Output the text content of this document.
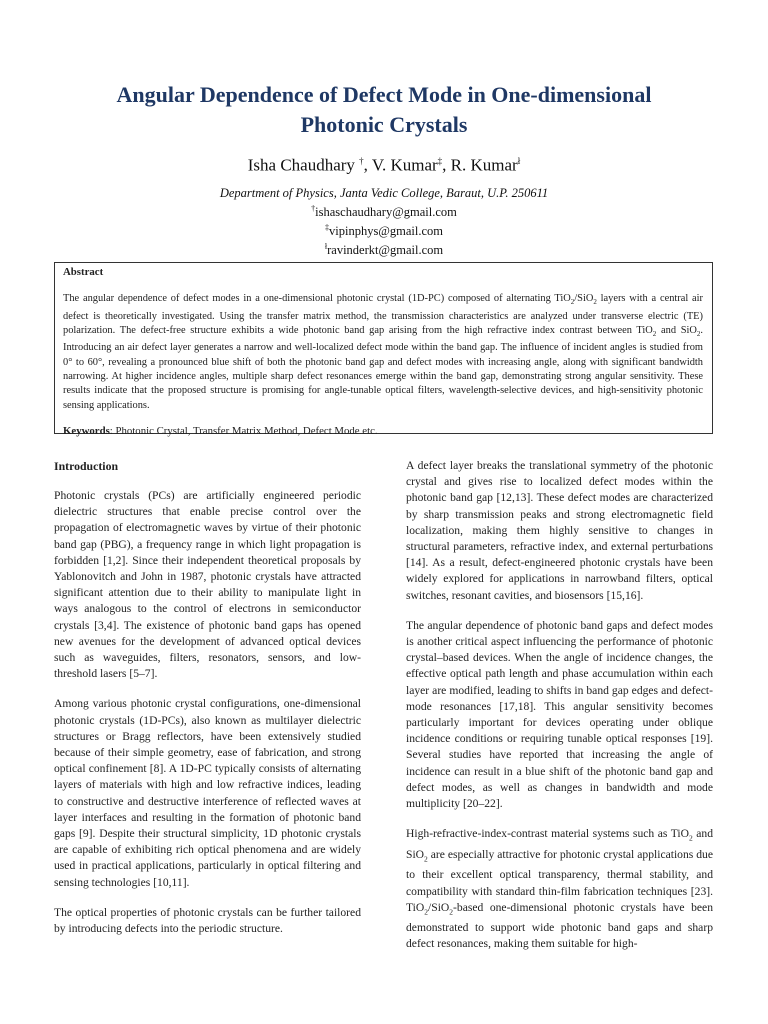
Angular Dependence of Defect Mode in One-dimensional
Photonic Crystals
Isha Chaudhary †, V. Kumar‡, R. Kumar$^ł$
Department of Physics, Janta Vedic College, Baraut, U.P. 250611
†ishaschaudhary@gmail.com
‡vipinphys@gmail.com
$^ł$ravinderkt@gmail.com
Abstract

The angular dependence of defect modes in a one-dimensional photonic crystal (1D-PC) composed of alternating TiO$_2$/SiO$_2$ layers with a central air defect is theoretically investigated. Using the transfer matrix method, the transmission characteristics are analyzed under transverse electric (TE) polarization. The defect-free structure exhibits a wide photonic band gap arising from the high refractive index contrast between TiO$_2$ and SiO$_2$. Introducing an air defect layer generates a narrow and well-localized defect mode within the band gap. The influence of incident angles is studied from 0° to 60°, revealing a pronounced blue shift of both the photonic band gap and defect modes with increasing angle, along with significant bandwidth narrowing. At higher incidence angles, multiple sharp defect resonances emerge within the band gap, demonstrating strong angular sensitivity. These results indicate that the proposed structure is promising for angle-tunable optical filters, wavelength-selective devices, and high-sensitivity photonic sensing applications.

Keywords: Photonic Crystal, Transfer Matrix Method, Defect Mode etc.
Introduction

Photonic crystals (PCs) are artificially engineered periodic dielectric structures that enable precise control over the propagation of electromagnetic waves by virtue of their photonic band gap (PBG), a frequency range in which light propagation is forbidden [1,2]. Since their independent theoretical proposals by Yablonovitch and John in 1987, photonic crystals have attracted significant attention due to their ability to manipulate light in ways analogous to the control of electrons in semiconductor crystals [3,4]. The existence of photonic band gaps has opened new avenues for the development of advanced optical devices such as waveguides, filters, resonators, sensors, and low-threshold lasers [5–7].

Among various photonic crystal configurations, one-dimensional photonic crystals (1D-PCs), also known as multilayer dielectric structures or Bragg reflectors, have been extensively studied because of their simple geometry, ease of fabrication, and strong optical confinement [8]. A 1D-PC typically consists of alternating layers of materials with high and low refractive indices, leading to constructive and destructive interference of reflected waves at layer interfaces and resulting in the formation of photonic band gaps [9]. Despite their structural simplicity, 1D photonic crystals are capable of exhibiting rich optical phenomena and are widely used in practical applications, particularly in optical filtering and sensing technologies [10,11].

The optical properties of photonic crystals can be further tailored by introducing defects into the periodic structure.

A defect layer breaks the translational symmetry of the photonic crystal and gives rise to localized defect modes within the photonic band gap [12,13]. These defect modes are characterized by sharp transmission peaks and strong electromagnetic field localization, making them highly sensitive to changes in structural parameters, refractive index, and external perturbations [14]. As a result, defect-engineered photonic crystals have been widely explored for applications in narrowband filters, optical switches, resonant cavities, and biosensors [15,16].

The angular dependence of photonic band gaps and defect modes is another critical aspect influencing the performance of photonic crystal–based devices. When the angle of incidence changes, the effective optical path length and phase accumulation within each layer are modified, leading to shifts in band gap edges and defect-mode resonances [17,18]. This angular sensitivity becomes particularly important for devices operating under oblique incidence conditions or requiring tunable optical responses [19]. Several studies have reported that increasing the angle of incidence can result in a blue shift of the photonic band gap and defect modes, as well as changes in bandwidth and mode multiplicity [20–22].

High-refractive-index-contrast material systems such as TiO$_2$ and SiO$_2$ are especially attractive for photonic crystal applications due to their excellent optical transparency, thermal stability, and compatibility with standard thin-film fabrication techniques [23]. TiO$_2$/SiO$_2$-based one-dimensional photonic crystals have been demonstrated to support wide photonic band gaps and sharp defect resonances, making them suitable for high-
